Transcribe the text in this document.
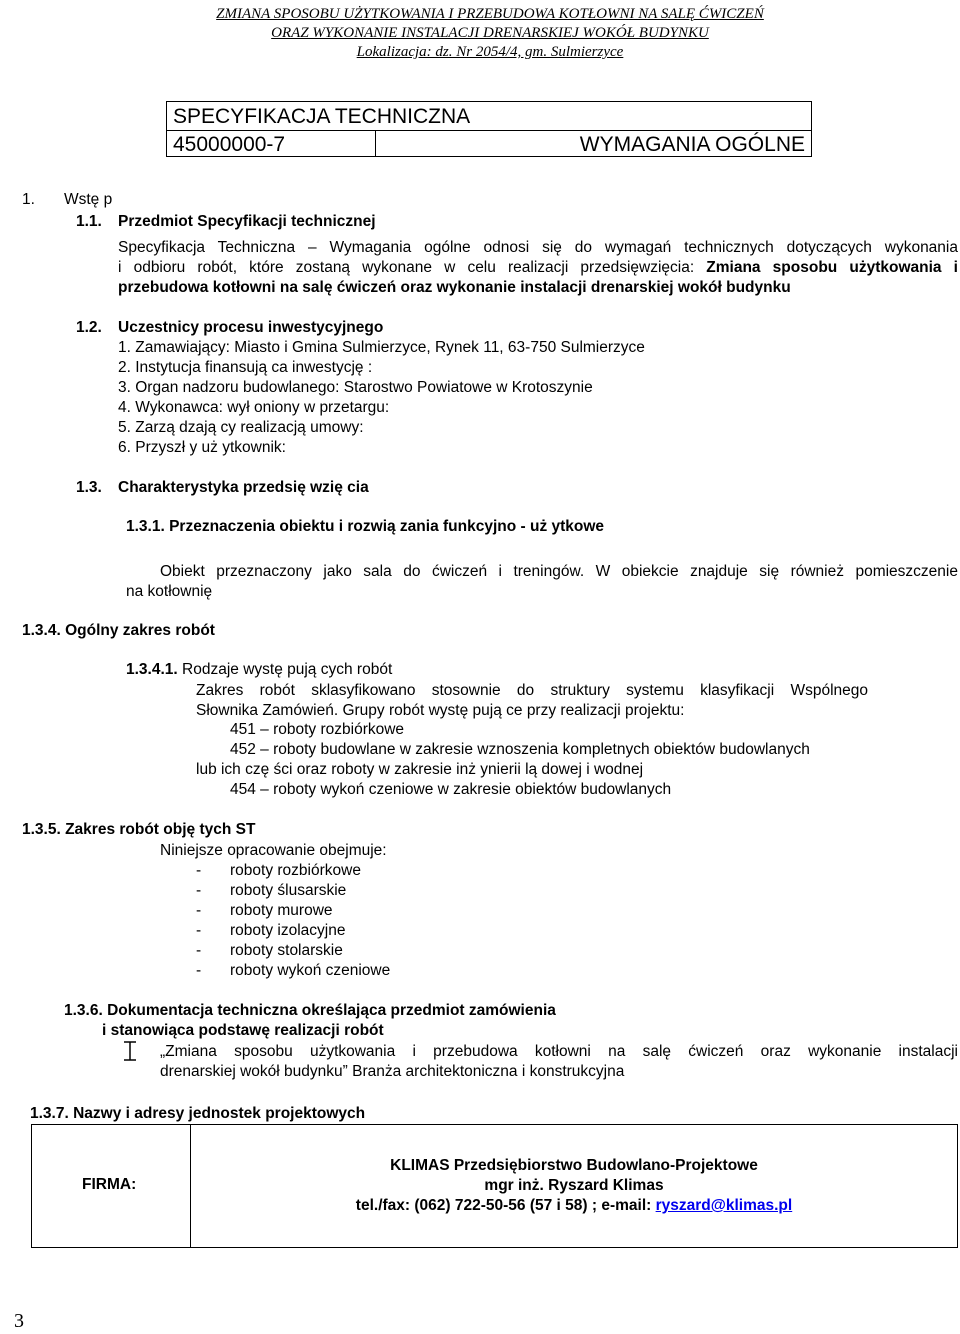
ZMIANA SPOSOBU UŻYTKOWANIA I PRZEBUDOWA KOTŁOWNI NA SALĘ ĆWICZEŃ
ORAZ WYKONANIE INSTALACJI DRENARSKIEJ WOKÓŁ BUDYNKU
Lokalizacja: dz. Nr 2054/4, gm. Sulmierzyce
SPECYFIKACJA TECHNICZNA
45000000-7	WYMAGANIA OGÓLNE
1. Wstę p
1.1. Przedmiot Specyfikacji technicznej
Specyfikacja Techniczna – Wymagania ogólne odnosi się do wymagań technicznych dotyczących wykonania
i odbioru robót, które zostaną wykonane w celu realizacji przedsięwzięcia: Zmiana sposobu użytkowania i
przebudowa kotłowni na salę ćwiczeń oraz wykonanie instalacji drenarskiej wokół budynku
1.2. Uczestnicy procesu inwestycyjnego
1. Zamawiający: Miasto i Gmina Sulmierzyce, Rynek 11, 63-750 Sulmierzyce
2. Instytucja finansują ca inwestycję :
3. Organ nadzoru budowlanego: Starostwo Powiatowe w Krotoszynie
4. Wykonawca: wył oniony w przetargu:
5. Zarzą dzają cy realizacją umowy:
6. Przyszł y uż ytkownik:
1.3. Charakterystyka przedsię wzię cia
1.3.1. Przeznaczenia obiektu i rozwią zania funkcyjno - uż ytkowe
Obiekt przeznaczony jako sala do ćwiczeń i treningów. W obiekcie znajduje się również pomieszczenie
na kotłownię
1.3.4. Ogólny zakres robót
1.3.4.1. Rodzaje wystę pują cych robót
Zakres robót sklasyfikowano stosownie do struktury systemu klasyfikacji Wspólnego
Słownika Zamówień. Grupy robót wystę pują ce przy realizacji projektu:
451 – roboty rozbiórkowe
452 – roboty budowlane w zakresie wznoszenia kompletnych obiektów budowlanych
lub ich czę ści oraz roboty w zakresie inż ynierii lą dowej i wodnej
454 – roboty wykoń czeniowe w zakresie obiektów budowlanych
1.3.5. Zakres robót obję tych ST
Niniejsze opracowanie obejmuje:
- roboty rozbiórkowe
- roboty ślusarskie
- roboty murowe
- roboty izolacyjne
- roboty stolarskie
- roboty wykoń czeniowe
1.3.6. Dokumentacja techniczna określająca przedmiot zamówienia
i stanowiąca podstawę realizacji robót
„Zmiana sposobu użytkowania i przebudowa kotłowni na salę ćwiczeń oraz wykonanie instalacji
drenarskiej wokół budynku” Branża architektoniczna i konstrukcyjna
1.3.7. Nazwy i adresy jednostek projektowych
FIRMA:
KLIMAS Przedsiębiorstwo Budowlano-Projektowe
mgr inż. Ryszard Klimas
tel./fax: (062) 722-50-56 (57 i 58) ; e-mail: ryszard@klimas.pl
3
